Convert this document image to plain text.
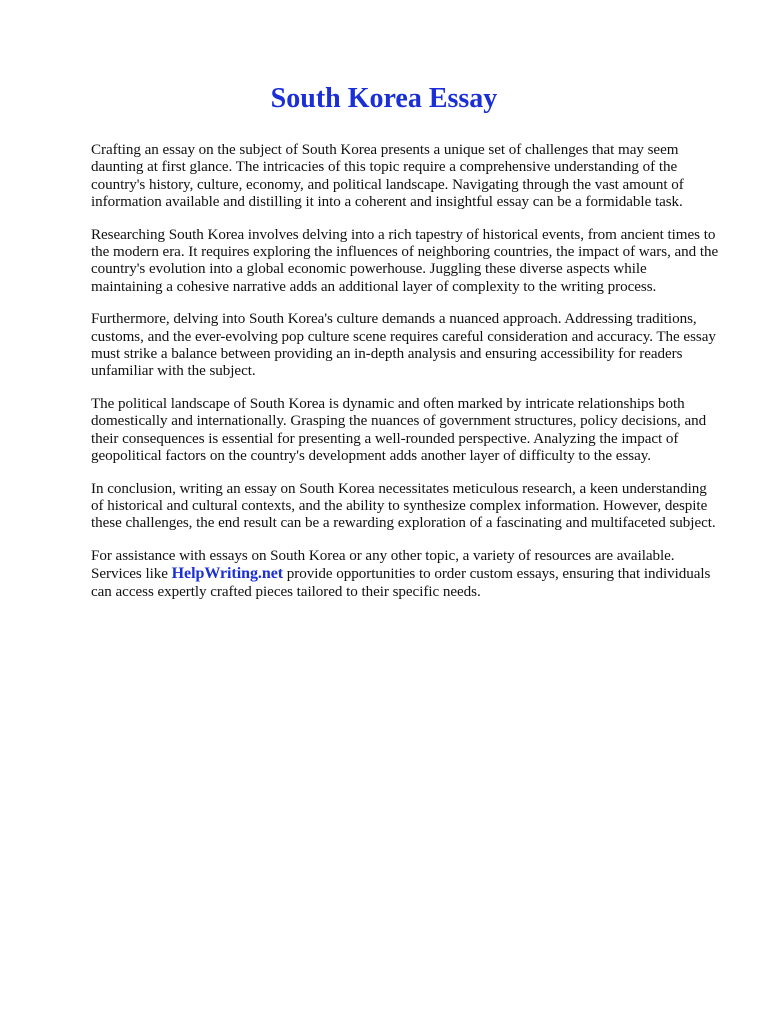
South Korea Essay

Crafting an essay on the subject of South Korea presents a unique set of challenges that may seem daunting at first glance. The intricacies of this topic require a comprehensive understanding of the country's history, culture, economy, and political landscape. Navigating through the vast amount of information available and distilling it into a coherent and insightful essay can be a formidable task.

Researching South Korea involves delving into a rich tapestry of historical events, from ancient times to the modern era. It requires exploring the influences of neighboring countries, the impact of wars, and the country's evolution into a global economic powerhouse. Juggling these diverse aspects while maintaining a cohesive narrative adds an additional layer of complexity to the writing process.

Furthermore, delving into South Korea's culture demands a nuanced approach. Addressing traditions, customs, and the ever-evolving pop culture scene requires careful consideration and accuracy. The essay must strike a balance between providing an in-depth analysis and ensuring accessibility for readers unfamiliar with the subject.

The political landscape of South Korea is dynamic and often marked by intricate relationships both domestically and internationally. Grasping the nuances of government structures, policy decisions, and their consequences is essential for presenting a well-rounded perspective. Analyzing the impact of geopolitical factors on the country's development adds another layer of difficulty to the essay.

In conclusion, writing an essay on South Korea necessitates meticulous research, a keen understanding of historical and cultural contexts, and the ability to synthesize complex information. However, despite these challenges, the end result can be a rewarding exploration of a fascinating and multifaceted subject.

For assistance with essays on South Korea or any other topic, a variety of resources are available. Services like HelpWriting.net provide opportunities to order custom essays, ensuring that individuals can access expertly crafted pieces tailored to their specific needs.
